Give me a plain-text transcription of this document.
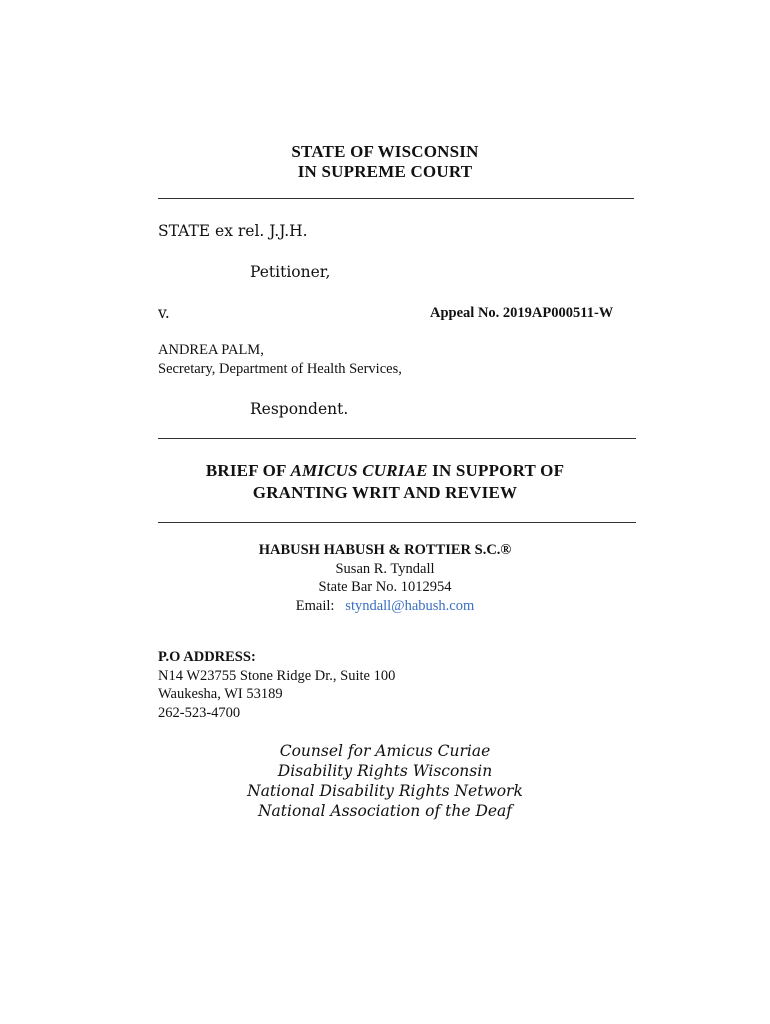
STATE OF WISCONSIN
IN SUPREME COURT
STATE ex rel. J.J.H.
Petitioner,
v.	Appeal No. 2019AP000511-W
ANDREA PALM,
Secretary, Department of Health Services,
Respondent.
BRIEF OF AMICUS CURIAE IN SUPPORT OF
GRANTING WRIT AND REVIEW
HABUSH HABUSH & ROTTIER S.C.®
Susan R. Tyndall
State Bar No. 1012954
Email: styndall@habush.com
P.O ADDRESS:
N14 W23755 Stone Ridge Dr., Suite 100
Waukesha, WI 53189
262-523-4700
Counsel for Amicus Curiae
Disability Rights Wisconsin
National Disability Rights Network
National Association of the Deaf
